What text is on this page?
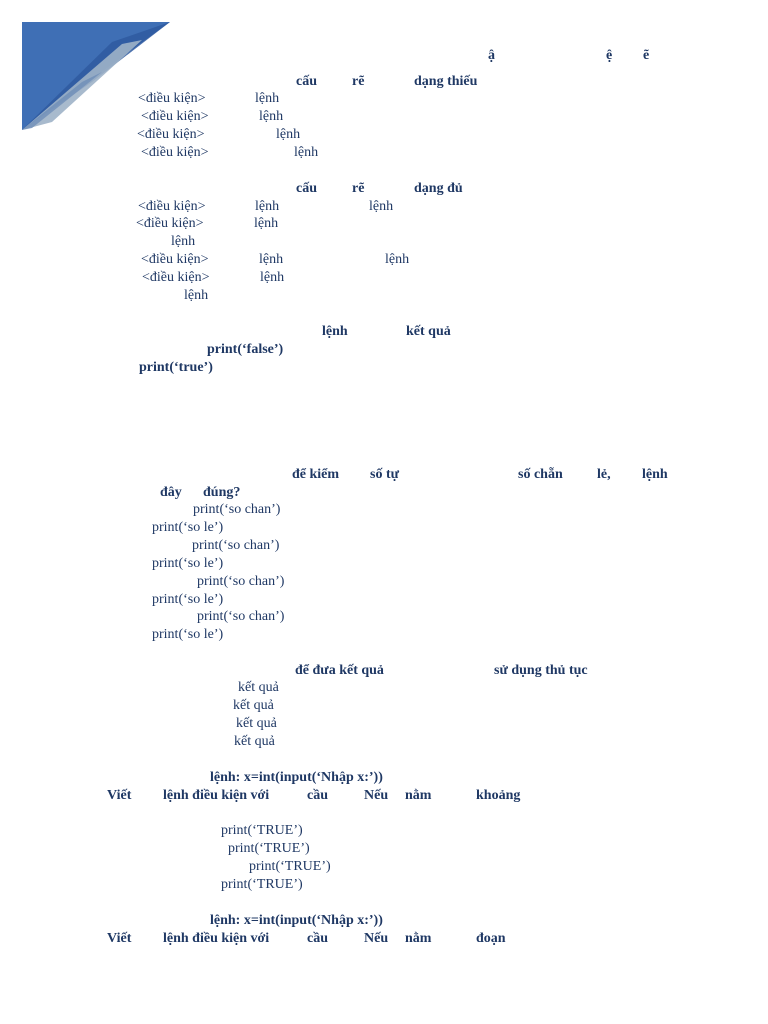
ậ	ệ ẽ
cấu	rẽ	dạng thiếu
<điều kiện>	lệnh
<điều kiện>	lệnh
<điều kiện>	lệnh
<điều kiện>	lệnh
cấu	rẽ	dạng đủ
<điều kiện>	lệnh	lệnh
<điều kiện>	lệnh
lệnh
<điều kiện>	lệnh	lệnh
<điều kiện>	lệnh
lệnh
lệnh	kết quả
print(‘false’)
print(‘true’)
để kiểm số tự	số chẵn lẻ, lệnh
đây đúng?
print(‘so chan’)
print(‘so le’)
print(‘so chan’)
print(‘so le’)
print(‘so chan’)
print(‘so le’)
print(‘so chan’)
print(‘so le’)
để đưa kết quả	sử dụng thủ tục
kết quả
kết quả
kết quả
kết quả
lệnh: x=int(input(‘Nhập x:’))
Viết lệnh điều kiện với	cầu	Nếu nằm	khoảng
print(‘TRUE’)
print(‘TRUE’)
print(‘TRUE’)
print(‘TRUE’)
lệnh: x=int(input(‘Nhập x:’))
Viết lệnh điều kiện với	cầu	Nếu nằm	đoạn
